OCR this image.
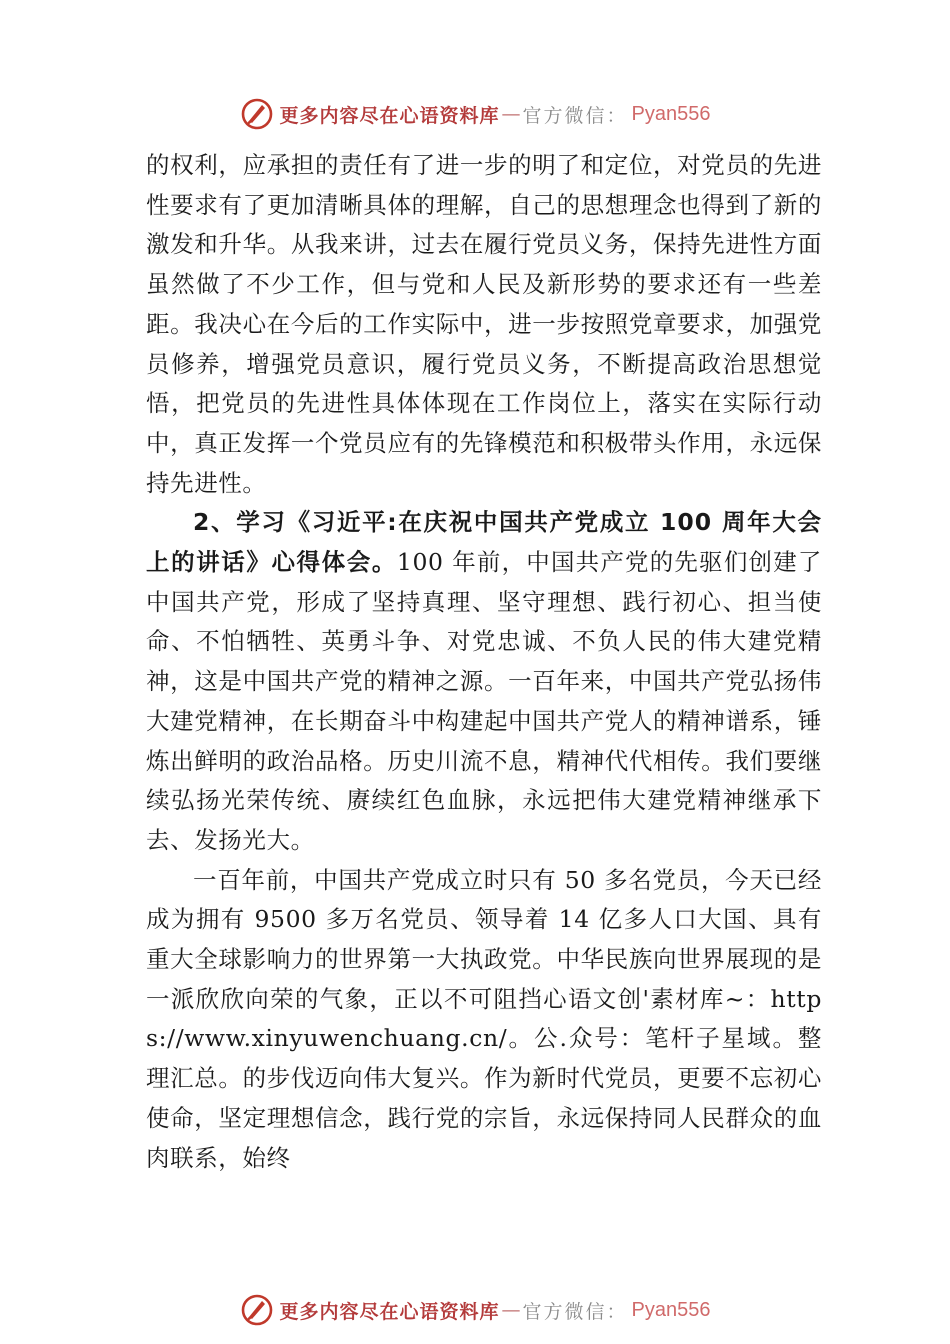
更多内容尽在心语资料库 — 官方微信： Pyan556

的权利，应承担的责任有了进一步的明了和定位，对党员的先进性要求有了更加清晰具体的理解，自己的思想理念也得到了新的激发和升华。从我来讲，过去在履行党员义务，保持先进性方面虽然做了不少工作，但与党和人民及新形势的要求还有一些差距。我决心在今后的工作实际中，进一步按照党章要求，加强党员修养，增强党员意识，履行党员义务，不断提高政治思想觉悟，把党员的先进性具体体现在工作岗位上，落实在实际行动中，真正发挥一个党员应有的先锋模范和积极带头作用，永远保持先进性。

2、学习《习近平:在庆祝中国共产党成立 100 周年大会上的讲话》心得体会。100 年前，中国共产党的先驱们创建了中国共产党，形成了坚持真理、坚守理想、践行初心、担当使命、不怕牺牲、英勇斗争、对党忠诚、不负人民的伟大建党精神，这是中国共产党的精神之源。一百年来，中国共产党弘扬伟大建党精神，在长期奋斗中构建起中国共产党人的精神谱系，锤炼出鲜明的政治品格。历史川流不息，精神代代相传。我们要继续弘扬光荣传统、赓续红色血脉，永远把伟大建党精神继承下去、发扬光大。

一百年前，中国共产党成立时只有 50 多名党员，今天已经成为拥有 9500 多万名党员、领导着 14 亿多人口大国、具有重大全球影响力的世界第一大执政党。中华民族向世界展现的是一派欣欣向荣的气象，正以不可阻挡心语文创'素材库~：https://www.xinyuwenchuang.cn/。公.众号：笔杆子星域。整理汇总。的步伐迈向伟大复兴。作为新时代党员，更要不忘初心使命，坚定理想信念，践行党的宗旨，永远保持同人民群众的血肉联系，始终

更多内容尽在心语资料库 — 官方微信： Pyan556
